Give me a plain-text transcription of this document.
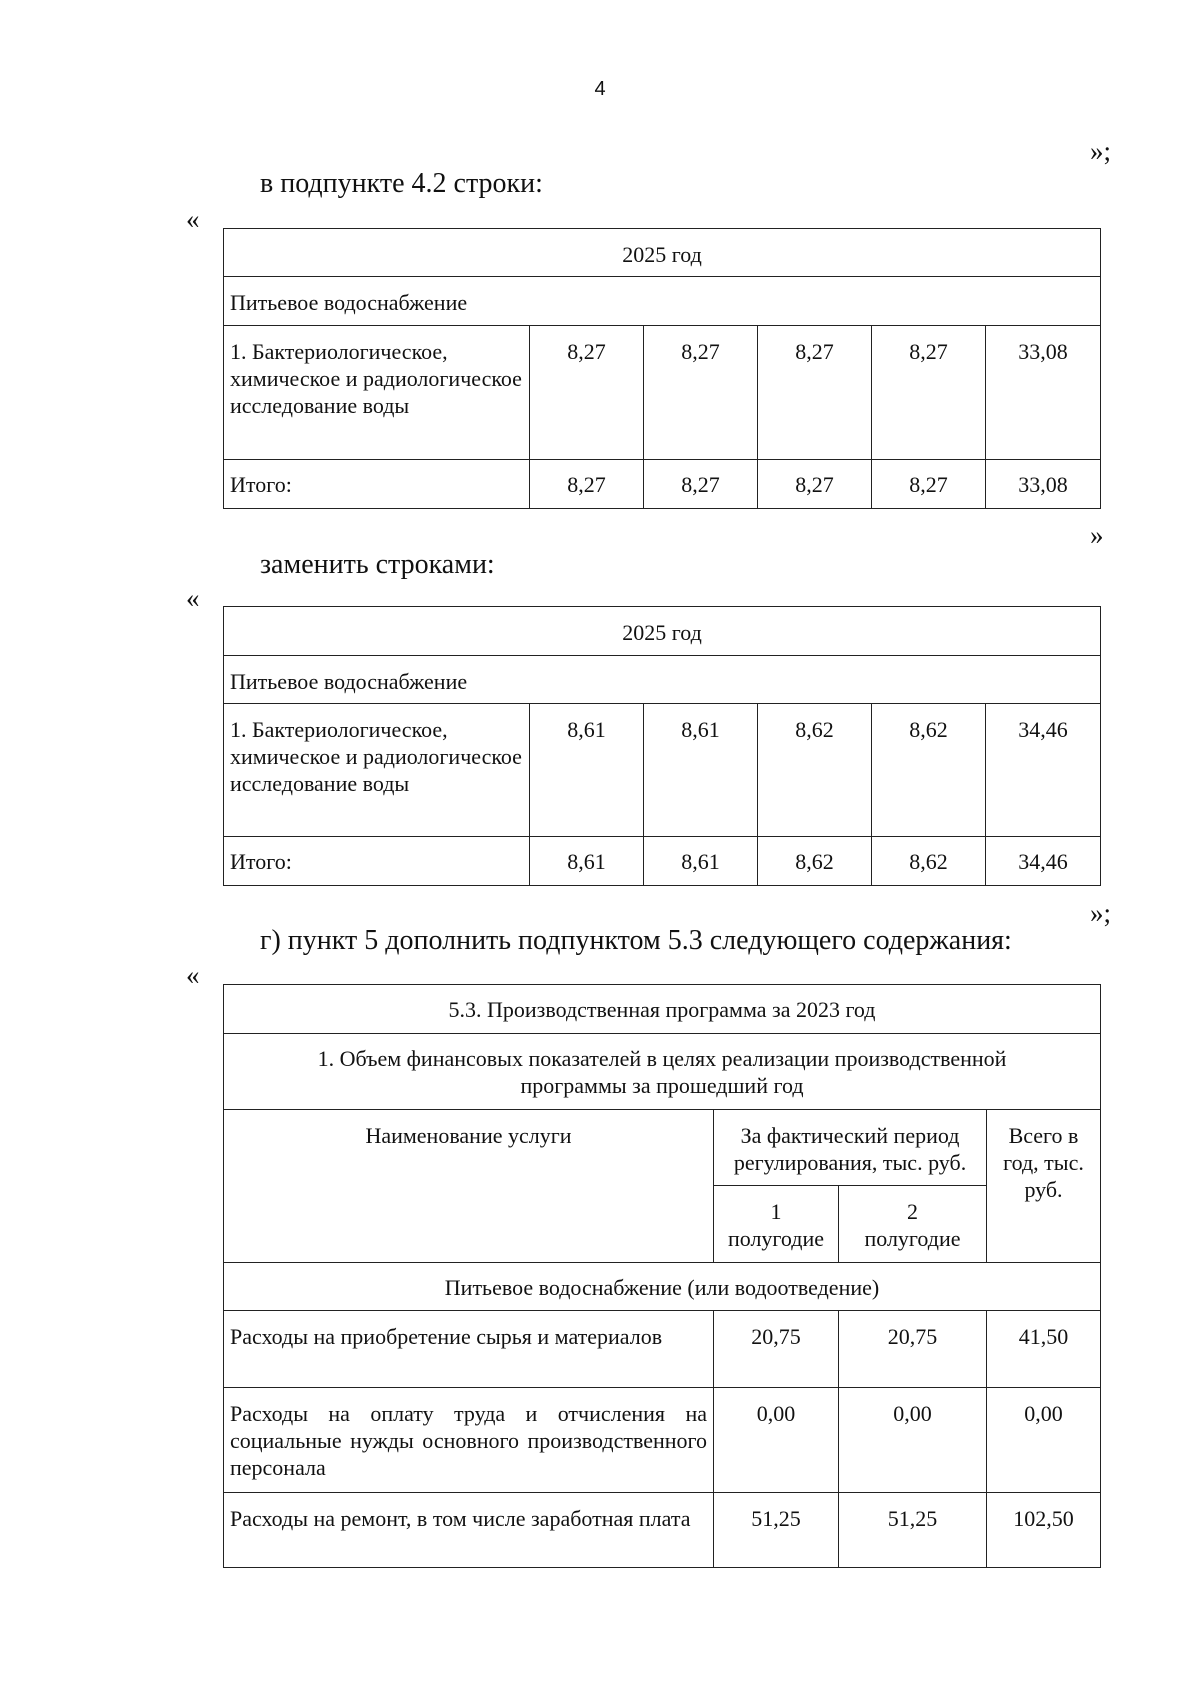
4
»;
в подпункте 4.2 строки:
«
2025 год					
Питьевое водоснабжение					
1. Бактериологическое, химическое и радиологическое исследование воды	8,27	8,27	8,27	8,27	33,08
Итого:	8,27	8,27	8,27	8,27	33,08
»
заменить строками:
«
2025 год					
Питьевое водоснабжение					
1. Бактериологическое, химическое и радиологическое исследование воды	8,61	8,61	8,62	8,62	34,46
Итого:	8,61	8,61	8,62	8,62	34,46
»;
г) пункт 5 дополнить подпунктом 5.3 следующего содержания:
«
5.3. Производственная программа за 2023 год			
1. Объем финансовых показателей в целях реализации производственной программы за прошедший год			
Наименование услуги	За фактический период регулирования, тыс. руб.		Всего в год, тыс. руб.
	1 полугодие	2 полугодие	
Питьевое водоснабжение (или водоотведение)			
Расходы на приобретение сырья и материалов	20,75	20,75	41,50
Расходы на оплату труда и отчисления на социальные нужды основного производственного персонала	0,00	0,00	0,00
Расходы на ремонт, в том числе заработная плата	51,25	51,25	102,50
